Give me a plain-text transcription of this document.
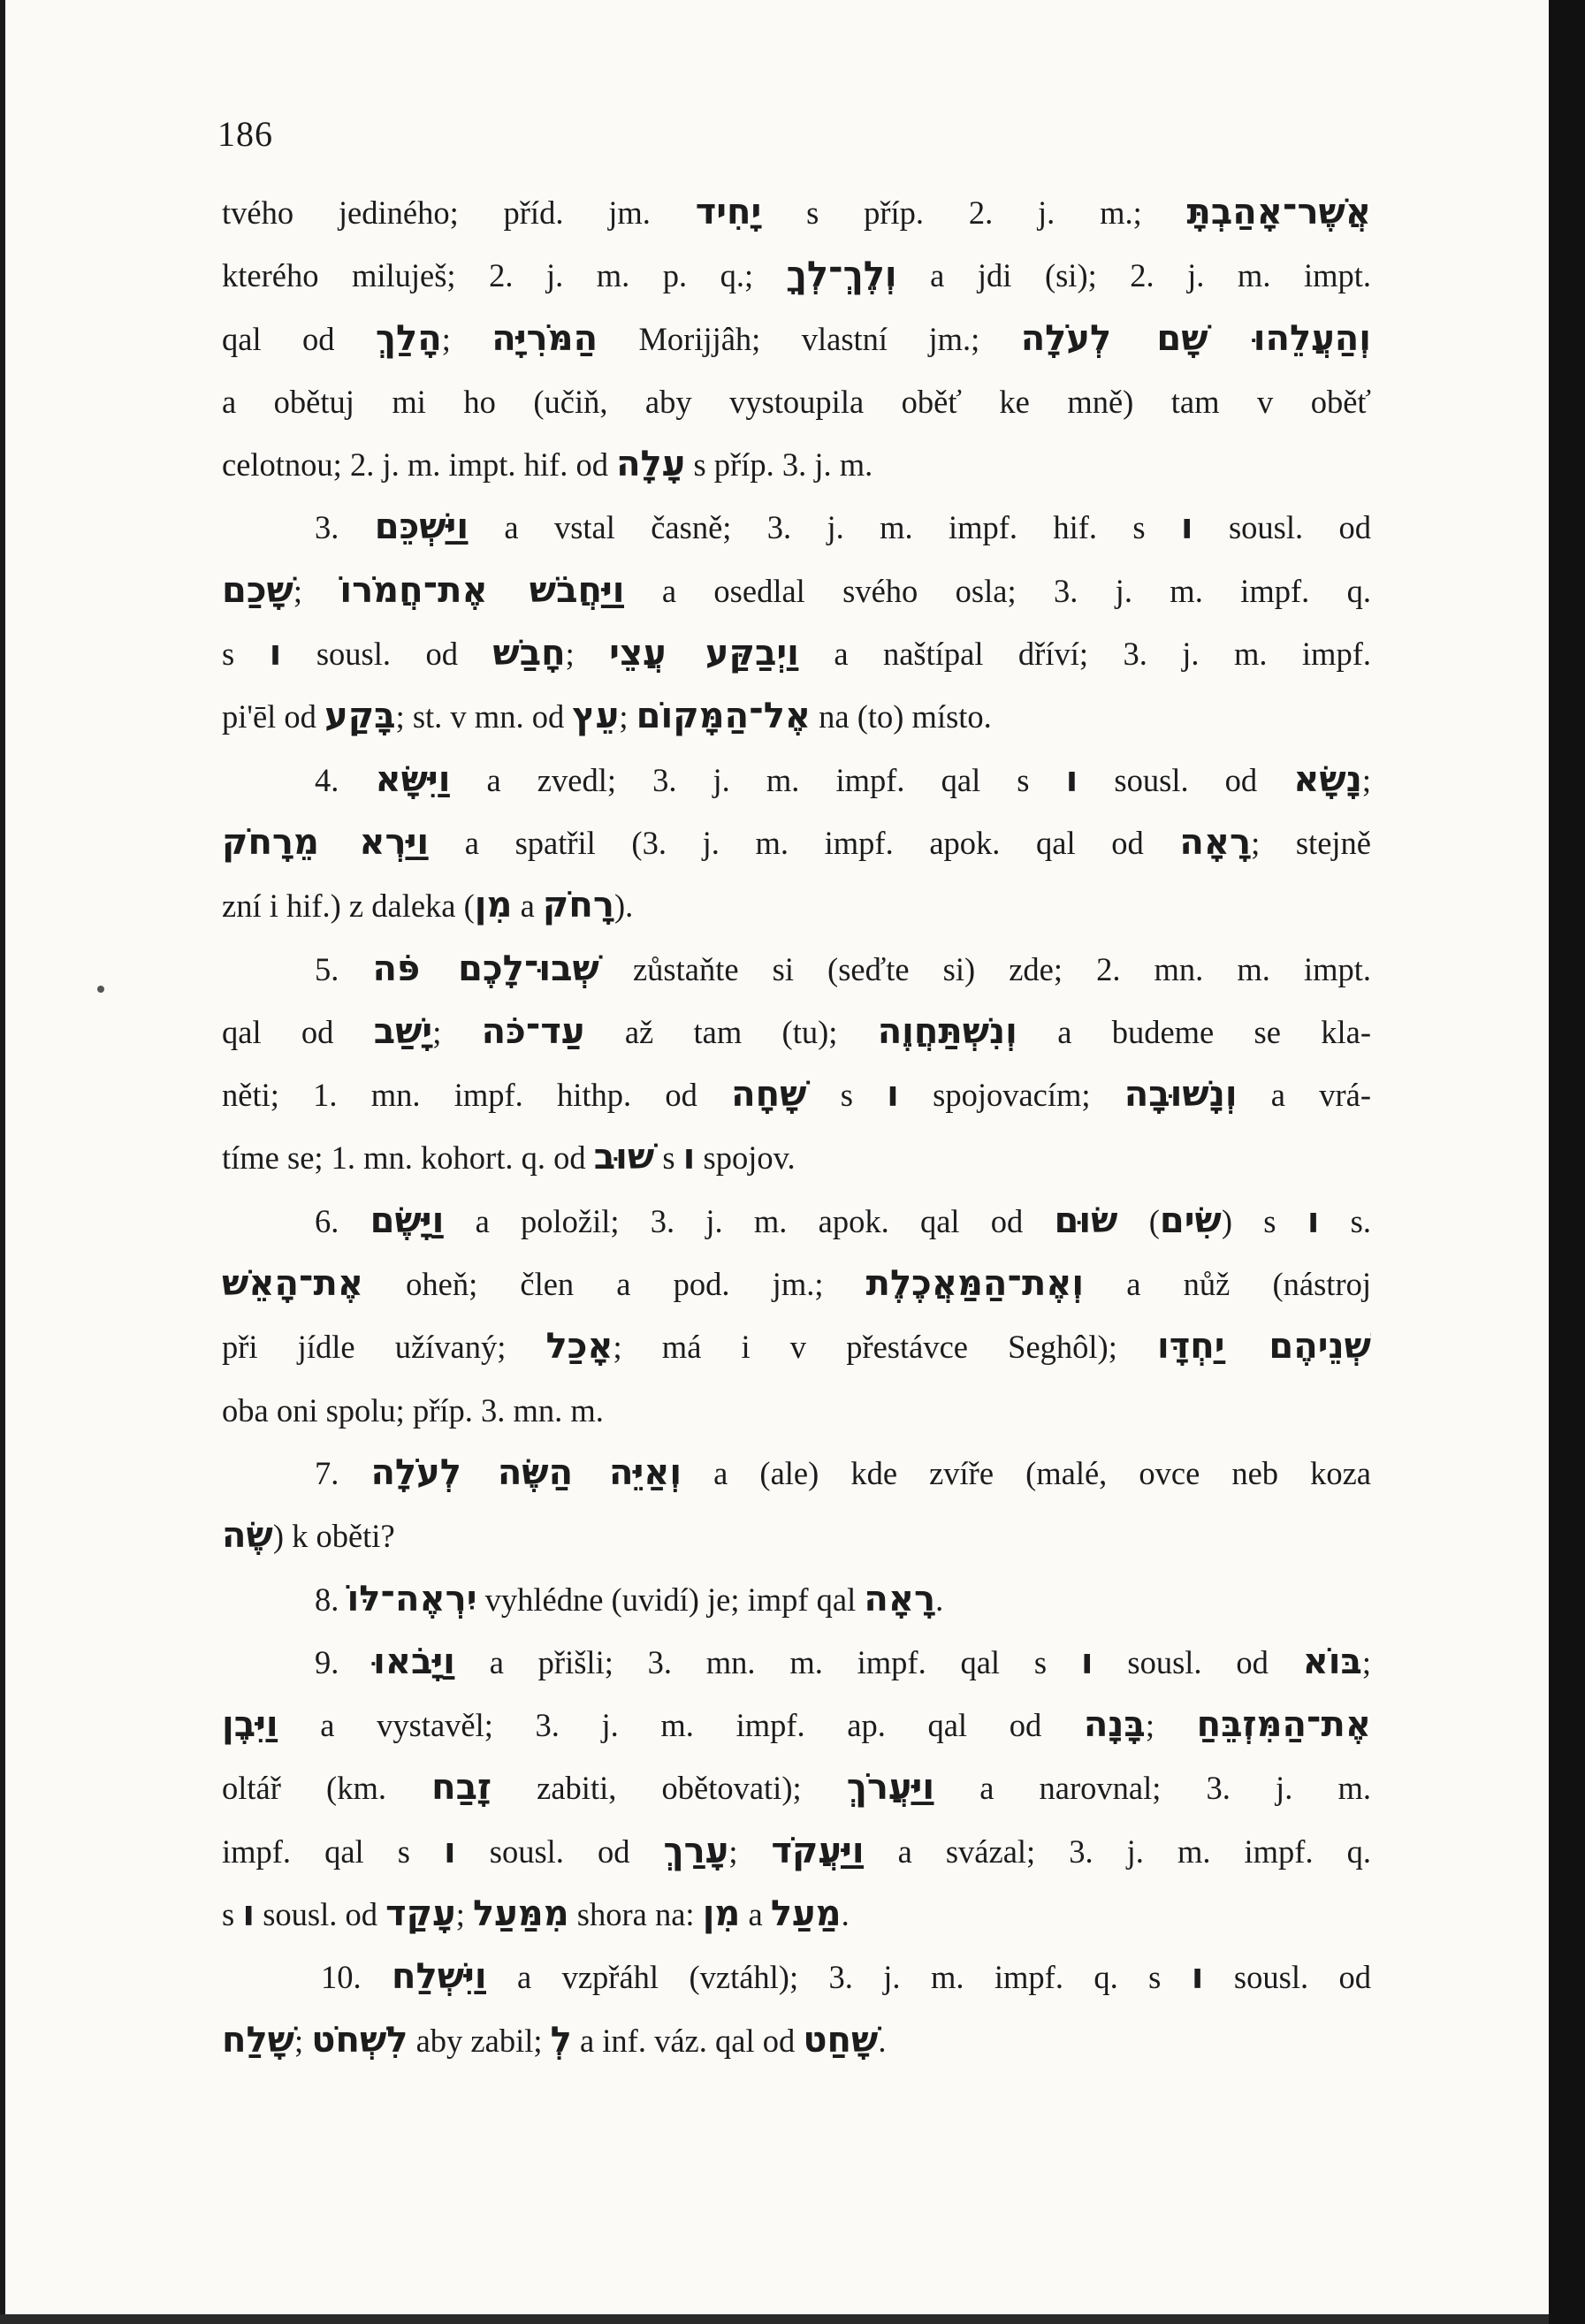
186
tvého jediného; příd. jm. יָחִיד s příp. 2. j. m.; אֲשֶׁר־אָהַבְתָּ
kterého miluješ; 2. j. m. p. q.; וְלֶךְ־לְךָ a jdi (si); 2. j. m. impt.
qal od הָלַךְ; הַמֹּרִיָּה Morijjâh; vlastní jm.; וְהַעֲלֵהוּ שָׁם לְעֹלָה
a obětuj mi ho (učiň, aby vystoupila oběť ke mně) tam v oběť
celotnou; 2. j. m. impt. hif. od עָלָה s příp. 3. j. m.
3. וַיַּשְׁכֵּם a vstal časně; 3. j. m. impf. hif. s ו sousl. od
שָׁכַם; וַיַּחֲבֹשׁ אֶת־חֲמֹרוֹ a osedlal svého osla; 3. j. m. impf. q.
s ו sousl. od חָבַשׁ; וַיְבַקַּע עֲצֵי a naštípal dříví; 3. j. m. impf.
pi'ēl od בָּקַע; st. v mn. od עֵץ; אֶל־הַמָּקוֹם na (to) místo.
4. וַיִּשָּׂא a zvedl; 3. j. m. impf. qal s ו sousl. od נָשָׂא;
וַיַּרְא מֵרָחֹק a spatřil (3. j. m. impf. apok. qal od רָאָה; stejně
zní i hif.) z daleka (מִן a רָחֹק).
5. שְׁבוּ־לָכֶם פֹּה zůstaňte si (seďte si) zde; 2. mn. m. impt.
qal od יָשַׁב; עַד־כֹּה až tam (tu); וְנִשְׁתַּחֲוֶה a budeme se kla-
něti; 1. mn. impf. hithp. od שָׁחָה s ו spojovacím; וְנָשׁוּבָה a vrá-
tíme se; 1. mn. kohort. q. od שׁוּב s ו spojov.
6. וַיָּשֶׂם a položil; 3. j. m. apok. qal od שׂוּם (שִׂים) s ו s.
אֶת־הָאֵשׁ oheň; člen a pod. jm.; וְאֶת־הַמַּאֲכֶלֶת a nůž (nástroj
při jídle užívaný; אָכַל; má i v přestávce Seghôl); שְׁנֵיהֶם יַחְדָּו
oba oni spolu; příp. 3. mn. m.
7. וְאַיֵּה הַשֶּׂה לְעֹלָה a (ale) kde zvíře (malé, ovce neb koza
שֶׂה) k oběti?
8. יִרְאֶה־לּוֹ vyhlédne (uvidí) je; impf qal רָאָה.
9. וַיָּבֹאוּ a přišli; 3. mn. m. impf. qal s ו sousl. od בּוֹא;
וַיִּבֶן a vystavěl; 3. j. m. impf. ap. qal od בָּנָה; אֶת־הַמִּזְבֵּחַ
oltář (km. זָבַח zabiti, obětovati); וַיַּעֲרֹךְ a narovnal; 3. j. m.
impf. qal s ו sousl. od עָרַךְ; וַיַּעֲקֹד a svázal; 3. j. m. impf. q.
s ו sousl. od עָקַד; מִמַּעַל shora na: מִן a מַעַל.
10. וַיִּשְׁלַח a vzpřáhl (vztáhl); 3. j. m. impf. q. s ו sousl. od
שָׁלַח; לִשְׁחֹט aby zabil; לְ a inf. váz. qal od שָׁחַט.
